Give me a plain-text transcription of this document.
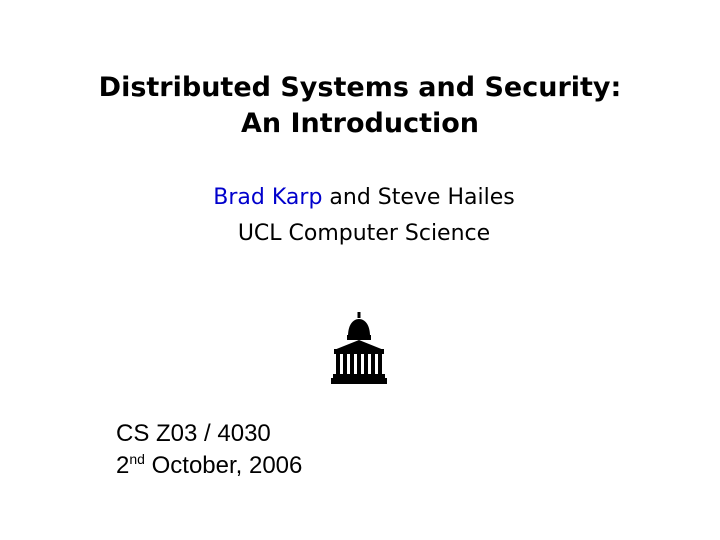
Distributed Systems and Security:
An Introduction
Brad Karp and Steve Hailes
UCL Computer Science
CS Z03 / 4030
2nd October, 2006
